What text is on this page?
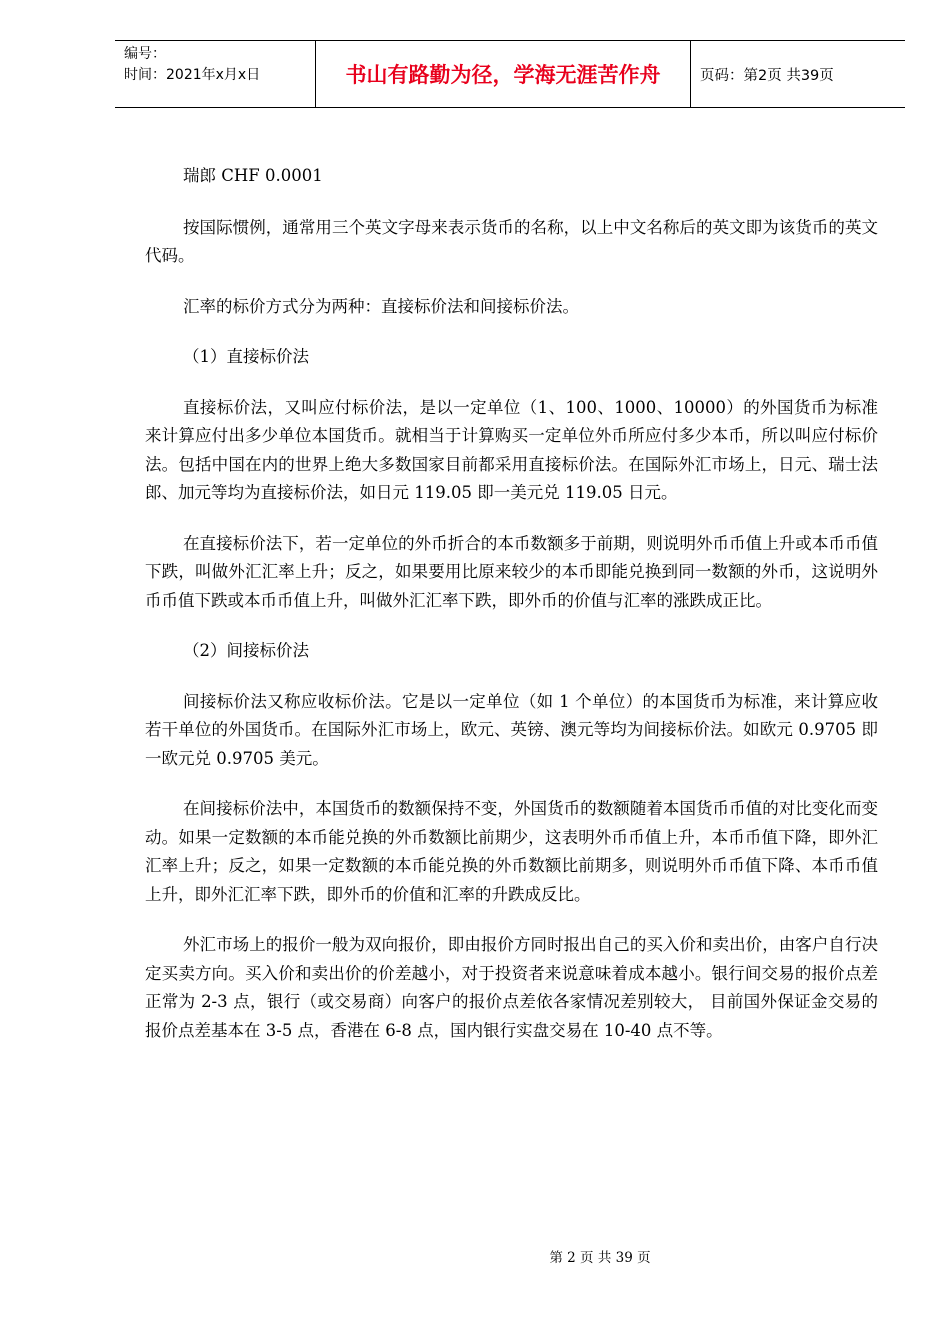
编号：
时间：2021年x月x日	书山有路勤为径，学海无涯苦作舟	页码：第2页 共39页

瑞郎 CHF 0.0001

按国际惯例，通常用三个英文字母来表示货币的名称，以上中文名称后的英文即为该货币的英文代码。

汇率的标价方式分为两种：直接标价法和间接标价法。

（1）直接标价法

直接标价法，又叫应付标价法，是以一定单位（1、100、1000、10000）的外国货币为标准来计算应付出多少单位本国货币。就相当于计算购买一定单位外币所应付多少本币，所以叫应付标价法。包括中国在内的世界上绝大多数国家目前都采用直接标价法。在国际外汇市场上，日元、瑞士法郎、加元等均为直接标价法，如日元 119.05 即一美元兑 119.05 日元。

在直接标价法下，若一定单位的外币折合的本币数额多于前期，则说明外币币值上升或本币币值下跌，叫做外汇汇率上升；反之，如果要用比原来较少的本币即能兑换到同一数额的外币，这说明外币币值下跌或本币币值上升，叫做外汇汇率下跌，即外币的价值与汇率的涨跌成正比。

（2）间接标价法

间接标价法又称应收标价法。它是以一定单位（如 1 个单位）的本国货币为标准，来计算应收若干单位的外国货币。在国际外汇市场上，欧元、英镑、澳元等均为间接标价法。如欧元 0.9705 即一欧元兑 0.9705 美元。

在间接标价法中，本国货币的数额保持不变，外国货币的数额随着本国货币币值的对比变化而变动。如果一定数额的本币能兑换的外币数额比前期少，这表明外币币值上升，本币币值下降，即外汇汇率上升；反之，如果一定数额的本币能兑换的外币数额比前期多，则说明外币币值下降、本币币值上升，即外汇汇率下跌，即外币的价值和汇率的升跌成反比。

外汇市场上的报价一般为双向报价，即由报价方同时报出自己的买入价和卖出价，由客户自行决定买卖方向。买入价和卖出价的价差越小，对于投资者来说意味着成本越小。银行间交易的报价点差正常为 2-3 点，银行（或交易商）向客户的报价点差依各家情况差别较大， 目前国外保证金交易的报价点差基本在 3-5 点，香港在 6-8 点，国内银行实盘交易在 10-40 点不等。

第 2 页 共 39 页
